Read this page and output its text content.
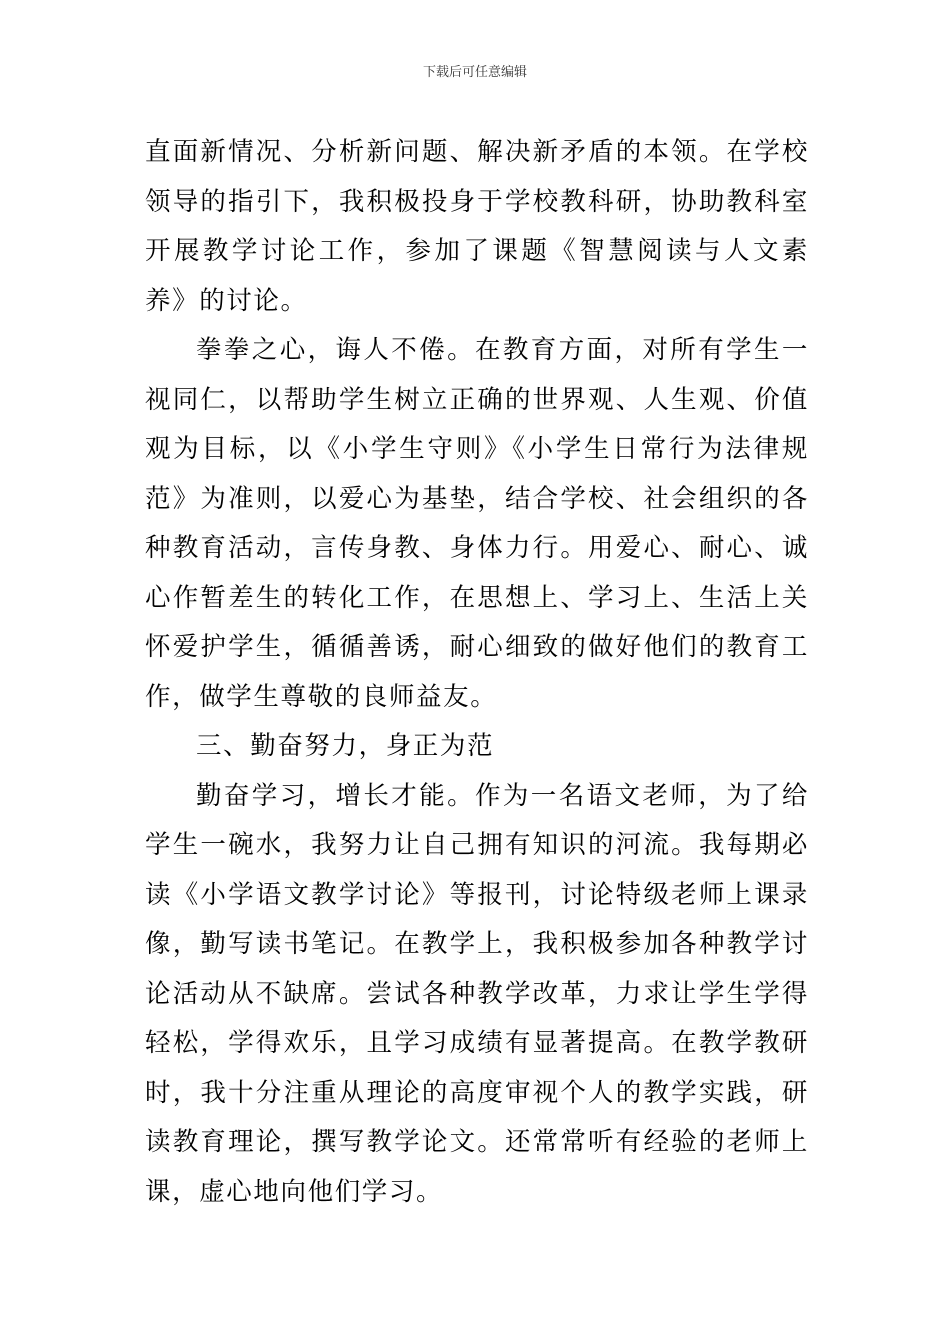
下载后可任意编辑

直面新情况、分析新问题、解决新矛盾的本领。在学校领导的指引下，我积极投身于学校教科研，协助教科室开展教学讨论工作，参加了课题《智慧阅读与人文素养》的讨论。

拳拳之心，诲人不倦。在教育方面，对所有学生一视同仁，以帮助学生树立正确的世界观、人生观、价值观为目标，以《小学生守则》《小学生日常行为法律规范》为准则，以爱心为基垫，结合学校、社会组织的各种教育活动，言传身教、身体力行。用爱心、耐心、诚心作暂差生的转化工作，在思想上、学习上、生活上关怀爱护学生，循循善诱，耐心细致的做好他们的教育工作，做学生尊敬的良师益友。

三、勤奋努力，身正为范

勤奋学习，增长才能。作为一名语文老师，为了给学生一碗水，我努力让自己拥有知识的河流。我每期必读《小学语文教学讨论》等报刊，讨论特级老师上课录像，勤写读书笔记。在教学上，我积极参加各种教学讨论活动从不缺席。尝试各种教学改革，力求让学生学得轻松，学得欢乐，且学习成绩有显著提高。在教学教研时，我十分注重从理论的高度审视个人的教学实践，研读教育理论，撰写教学论文。还常常听有经验的老师上课，虚心地向他们学习。
